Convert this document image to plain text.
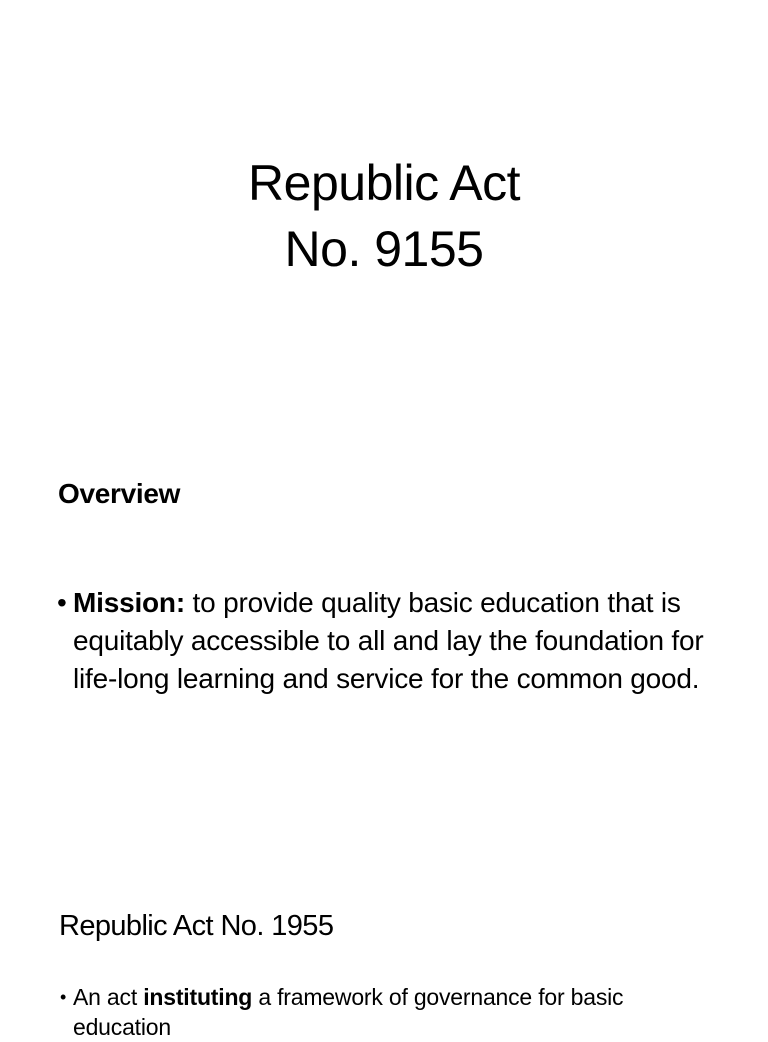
Republic Act
No. 9155
Overview
• Mission: to provide quality basic education that is equitably accessible to all and lay the foundation for life-long learning and service for the common good.
Republic Act No. 1955
• An act instituting a framework of governance for basic education
